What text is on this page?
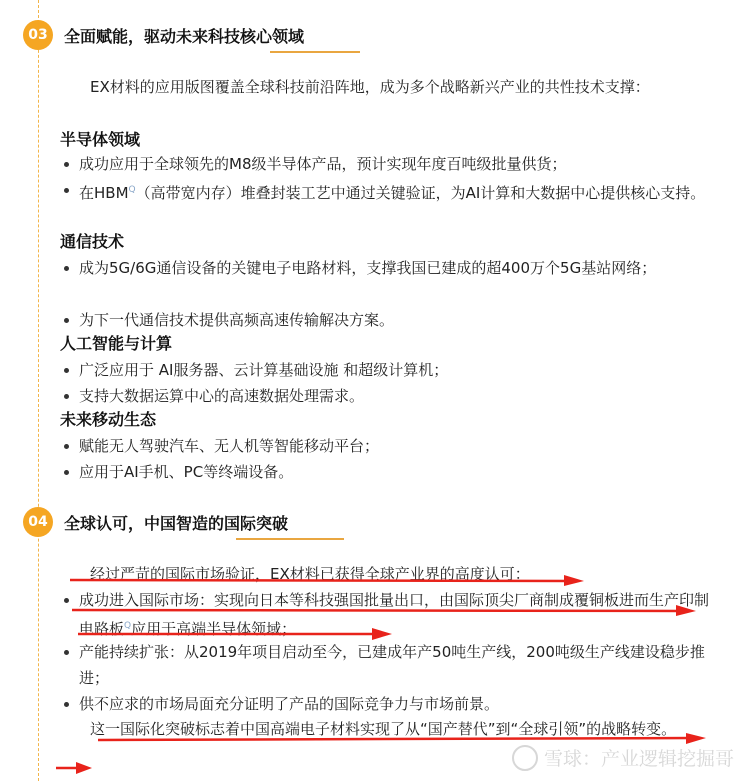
03	全面赋能，驱动未来科技核心领域
EX材料的应用版图覆盖全球科技前沿阵地，成为多个战略新兴产业的共性技术支撑：
半导体领域
成功应用于全球领先的M8级半导体产品，预计实现年度百吨级批量供货；
在$HBM^Q$（高带宽内存）堆叠封装工艺中通过关键验证，为AI计算和大数据中心提供核心支持。
通信技术
成为5G/6G通信设备的关键电子电路材料，支撑我国已建成的超400万个5G基站网络；
为下一代通信技术提供高频高速传输解决方案。
人工智能与计算
广泛应用于 AI服务器、云计算基础设施 和超级计算机；
支持大数据运算中心的高速数据处理需求。
未来移动生态
赋能无人驾驶汽车、无人机等智能移动平台；
应用于AI手机、PC等终端设备。
04	全球认可，中国智造的国际突破
经过严苛的国际市场验证，EX材料已获得全球产业界的高度认可：
成功进入国际市场：实现向日本等科技强国批量出口，由国际顶尖厂商制成覆铜板进而生产印制电路板$^Q$应用于高端半导体领域；
产能持续扩张：从2019年项目启动至今，已建成年产50吨生产线，200吨级生产线建设稳步推进；
供不应求的市场局面充分证明了产品的国际竞争力与市场前景。
这一国际化突破标志着中国高端电子材料实现了从“国产替代”到“全球引领”的战略转变。
雪球：产业逻辑挖掘哥
